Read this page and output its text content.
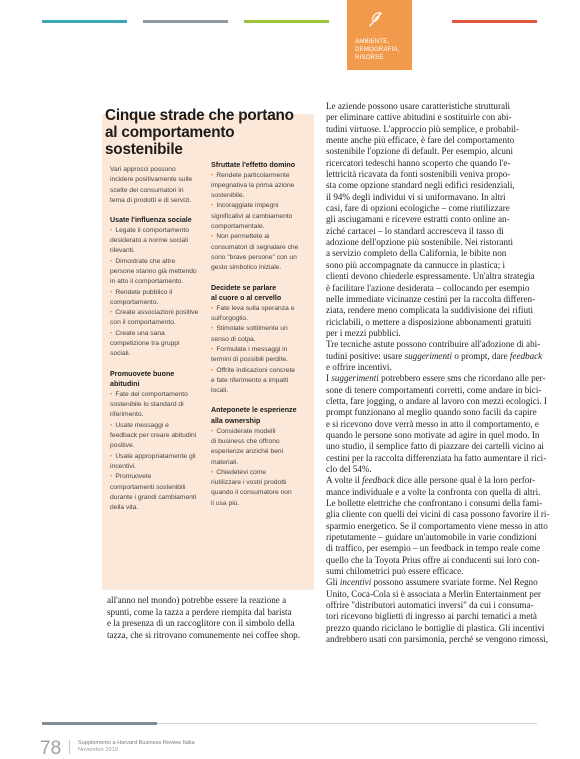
AMBIENTE, DEMOGRAFIA,
RISORSE
Cinque strade che portano
al comportamento sostenibile

Vari approcci possono
incidere positivamente sulle
scelte dei consumatori in
tema di prodotti e di servizi.

Usate l'influenza sociale
• Legate il comportamento
desiderato a norme sociali
rilevanti.
• Dimostrate che altre
persone stanno già mettendo
in atto il comportamento.
• Rendete pubblico il
comportamento.
• Create associazioni positive
con il comportamento.
• Create una sana
competizione tra gruppi
sociali.
Promuovete buone
abitudini
• Fate del comportamento
sostenibile lo standard di
riferimento.
• Usate messaggi e
feedback per creare abitudini
positive.
• Usate appropriatamente gli
incentivi.
• Promuovete
comportamenti sostenibili
durante i grandi cambiamenti
della vita.
Sfruttate l'effetto domino
• Rendete particolarmente
impegnativa la prima azione
sostenibile.
• Incoraggiate impegni
significativi al cambiamento
comportamentale.
• Non permettete ai
consumatori di segnalare che
sono "brave persone" con un
gesto simbolico iniziale.
Decidete se parlare
al cuore o al cervello
• Fate leva sulla speranza e
sull'orgoglio.
• Stimolate sottilmente un
senso di colpa.
• Formulate i messaggi in
termini di possibili perdite.
• Offrite indicazioni concrete
e fate riferimento a impatti
locali.
Anteponete le esperienze
alla ownership
• Considerate modelli
di business che offrono
esperienze anziché beni
materiali.
• Chiedetevi come
riutilizzare i vostri prodotti
quando il consumatore non
li usa più.

all'anno nel mondo) potrebbe essere la reazione a
spunti, come la tazza a perdere riempita dal barista
e la presenza di un raccoglitore con il simbolo della
tazza, che si ritrovano comunemente nei coffee shop.

Le aziende possono usare caratteristiche strutturali
per eliminare cattive abitudini e sostituirle con abi-
tudini virtuose. L'approccio più semplice, e probabil-
mente anche più efficace, è fare del comportamento
sostenibile l'opzione di default. Per esempio, alcuni
ricercatori tedeschi hanno scoperto che quando l'e-
lettricità ricavata da fonti sostenibili veniva propo-
sta come opzione standard negli edifici residenziali,
il 94% degli individui vi si uniformavano. In altri
casi, fare di opzioni ecologiche – come riutilizzare
gli asciugamani e ricevere estratti conto online an-
ziché cartacei – lo standard accresceva il tasso di
adozione dell'opzione più sostenibile. Nei ristoranti
a servizio completo della California, le bibite non
sono più accompagnate da cannucce in plastica; i
clienti devono chiederle espressamente. Un'altra strategia
è facilitare l'azione desiderata – collocando per esempio
nelle immediate vicinanze cestini per la raccolta differen-
ziata, rendere meno complicata la suddivisione dei rifiuti
riciclabili, o mettere a disposizione abbonamenti gratuiti
per i mezzi pubblici.

Tre tecniche astute possono contribuire all'adozione di abi-
tudini positive: usare suggerimenti o prompt, dare feedback
e offrire incentivi.

I suggerimenti potrebbero essere sms che ricordano alle per-
sone di tenere comportamenti corretti, come andare in bici-
cletta, fare jogging, o andare al lavoro con mezzi ecologici. I
prompt funzionano al meglio quando sono facili da capire
e si ricevono dove verrà messo in atto il comportamento, e
quando le persone sono motivate ad agire in quel modo. In
uno studio, il semplice fatto di piazzare dei cartelli vicino ai
cestini per la raccolta differenziata ha fatto aumentare il rici-
clo del 54%.

A volte il feedback dice alle persone qual è la loro perfor-
mance individuale e a volte la confronta con quella di altri.
Le bollette elettriche che confrontano i consumi della fami-
glia cliente con quelli dei vicini di casa possono favorire il ri-
sparmio energetico. Se il comportamento viene messo in atto
ripetutamente – guidare un'automobile in varie condizioni
di traffico, per esempio – un feedback in tempo reale come
quello che la Toyota Prius offre ai conducenti sui loro con-
sumi chilometrici può essere efficace.

Gli incentivi possono assumere svariate forme. Nel Regno
Unito, Coca-Cola si è associata a Merlin Entertainment per
offrire "distributori automatici inversi" da cui i consuma-
tori ricevono biglietti di ingresso ai parchi tematici a metà
prezzo quando riciclano le bottiglie di plastica. Gli incentivi
andrebbero usati con parsimonia, perché se vengono rimossi,

78	Supplemento a Harvard Business Review Italia
Novembre 2019
